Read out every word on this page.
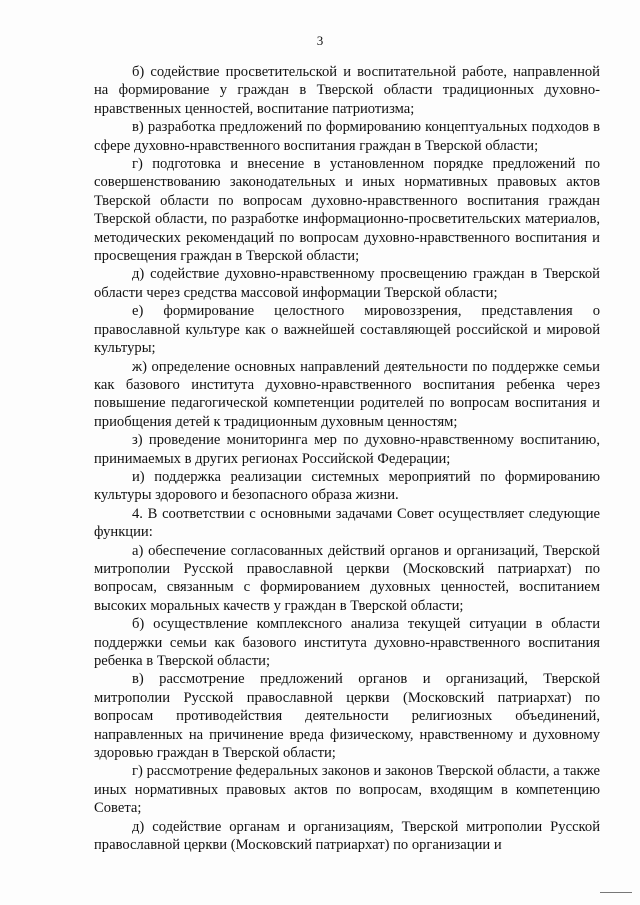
3

б) содействие просветительской и воспитательной работе, направленной на формирование у граждан в Тверской области традиционных духовно-нравственных ценностей, воспитание патриотизма;

в) разработка предложений по формированию концептуальных подходов в сфере духовно-нравственного воспитания граждан в Тверской области;

г) подготовка и внесение в установленном порядке предложений по совершенствованию законодательных и иных нормативных правовых актов Тверской области по вопросам духовно-нравственного воспитания граждан Тверской области, по разработке информационно-просветительских материалов, методических рекомендаций по вопросам духовно-нравственного воспитания и просвещения граждан в Тверской области;

д) содействие духовно-нравственному просвещению граждан в Тверской области через средства массовой информации Тверской области;

е) формирование целостного мировоззрения, представления о православной культуре как о важнейшей составляющей российской и мировой культуры;

ж) определение основных направлений деятельности по поддержке семьи как базового института духовно-нравственного воспитания ребенка через повышение педагогической компетенции родителей по вопросам воспитания и приобщения детей к традиционным духовным ценностям;

з) проведение мониторинга мер по духовно-нравственному воспитанию, принимаемых в других регионах Российской Федерации;

и) поддержка реализации системных мероприятий по формированию культуры здорового и безопасного образа жизни.

4. В соответствии с основными задачами Совет осуществляет следующие функции:

а) обеспечение согласованных действий органов и организаций, Тверской митрополии Русской православной церкви (Московский патриархат) по вопросам, связанным с формированием духовных ценностей, воспитанием высоких моральных качеств у граждан в Тверской области;

б) осуществление комплексного анализа текущей ситуации в области поддержки семьи как базового института духовно-нравственного воспитания ребенка в Тверской области;

в) рассмотрение предложений органов и организаций, Тверской митрополии Русской православной церкви (Московский патриархат) по вопросам противодействия деятельности религиозных объединений, направленных на причинение вреда физическому, нравственному и духовному здоровью граждан в Тверской области;

г) рассмотрение федеральных законов и законов Тверской области, а также иных нормативных правовых актов по вопросам, входящим в компетенцию Совета;

д) содействие органам и организациям, Тверской митрополии Русской православной церкви (Московский патриархат) по организации и
